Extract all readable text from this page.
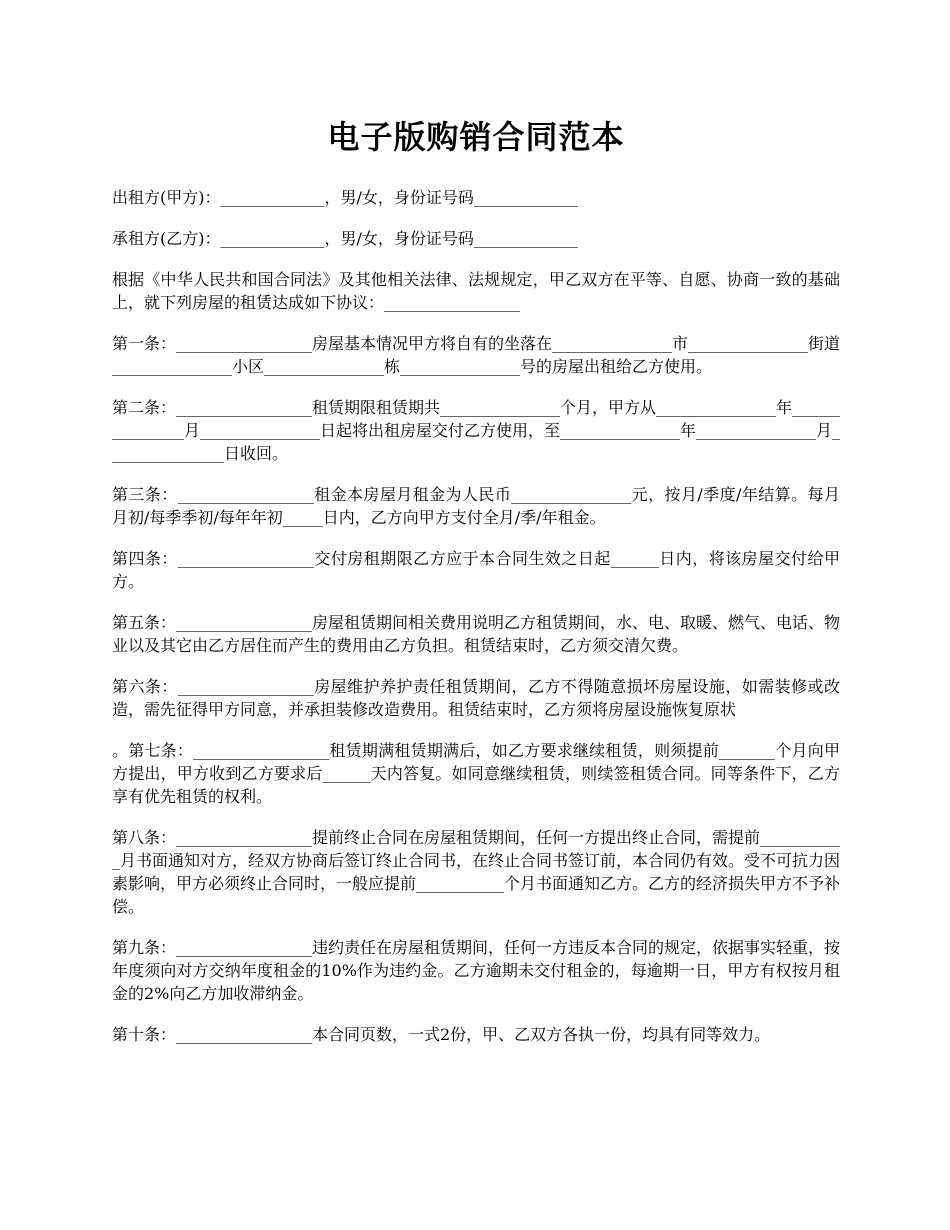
电子版购销合同范本

出租方(甲方)：_____________，男/女，身份证号码_____________

承租方(乙方)：_____________，男/女，身份证号码_____________

根据《中华人民共和国合同法》及其他相关法律、法规规定，甲乙双方在平等、自愿、协商一致的基础上，就下列房屋的租赁达成如下协议：_________________

第一条：_________________房屋基本情况甲方将自有的坐落在_______________市_______________街道_______________小区_______________栋_______________号的房屋出租给乙方使用。

第二条：_________________租赁期限租赁期共_______________个月，甲方从_______________年_______________月_______________日起将出租房屋交付乙方使用，至_______________年_______________月_______________日收回。

第三条：_________________租金本房屋月租金为人民币_______________元，按月/季度/年结算。每月月初/每季季初/每年年初_____日内，乙方向甲方支付全月/季/年租金。

第四条：_________________交付房租期限乙方应于本合同生效之日起______日内，将该房屋交付给甲方。

第五条：_________________房屋租赁期间相关费用说明乙方租赁期间，水、电、取暖、燃气、电话、物业以及其它由乙方居住而产生的费用由乙方负担。租赁结束时，乙方须交清欠费。

第六条：_________________房屋维护养护责任租赁期间，乙方不得随意损坏房屋设施，如需装修或改造，需先征得甲方同意，并承担装修改造费用。租赁结束时，乙方须将房屋设施恢复原状

。第七条：_________________租赁期满租赁期满后，如乙方要求继续租赁，则须提前_______个月向甲方提出，甲方收到乙方要求后______天内答复。如同意继续租赁，则续签租赁合同。同等条件下，乙方享有优先租赁的权利。

第八条：_________________提前终止合同在房屋租赁期间，任何一方提出终止合同，需提前___________月书面通知对方，经双方协商后签订终止合同书，在终止合同书签订前，本合同仍有效。受不可抗力因素影响，甲方必须终止合同时，一般应提前___________个月书面通知乙方。乙方的经济损失甲方不予补偿。

第九条：_________________违约责任在房屋租赁期间，任何一方违反本合同的规定，依据事实轻重，按年度须向对方交纳年度租金的10%作为违约金。乙方逾期未交付租金的，每逾期一日，甲方有权按月租金的2%向乙方加收滞纳金。

第十条：_________________本合同页数，一式2份，甲、乙双方各执一份，均具有同等效力。
